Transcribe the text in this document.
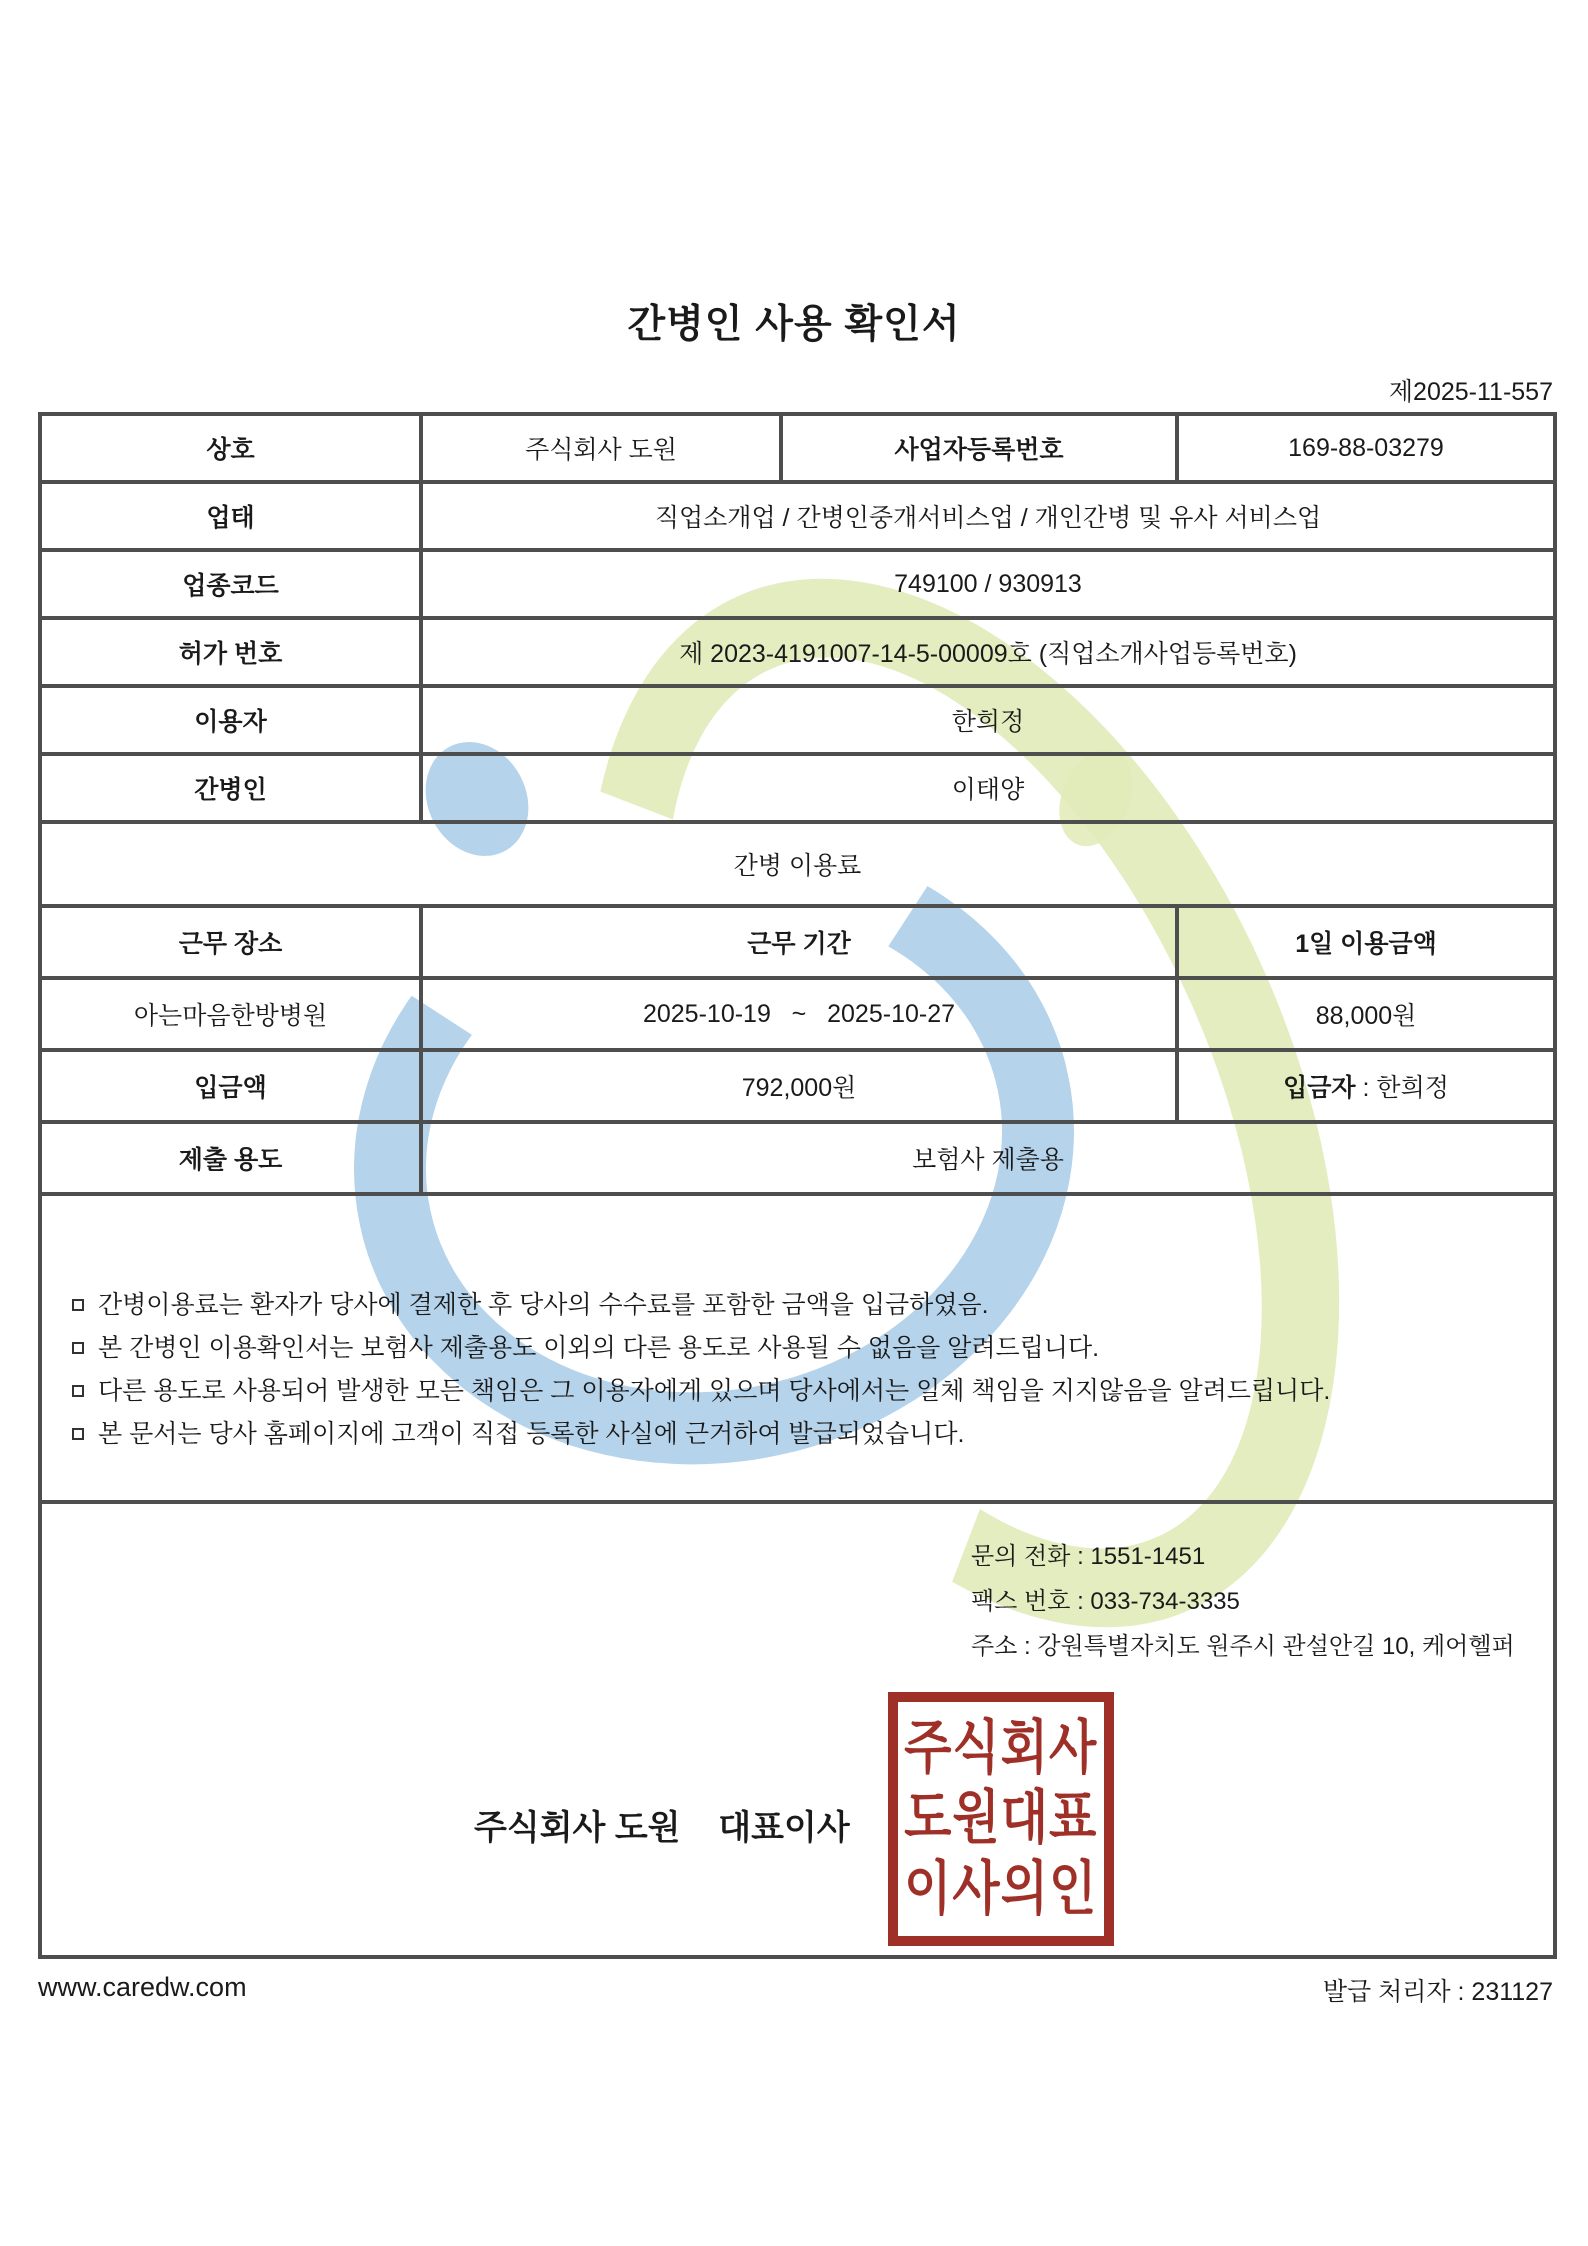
간병인 사용 확인서
제2025-11-557
상호	주식회사 도원	사업자등록번호	169-88-03279
업태	직업소개업 / 간병인중개서비스업 / 개인간병 및 유사 서비스업		
업종코드	749100 / 930913		
허가 번호	제 2023-4191007-14-5-00009호 (직업소개사업등록번호)		
이용자	한희정		
간병인	이태양		
간병 이용료			
근무 장소	근무 기간		1일 이용금액
아는마음한방병원	2025-10-19   ~   2025-10-27		88,000원
입금액	792,000원		입금자 : 한희정
제출 용도	보험사 제출용		

간병이용료는 환자가 당사에 결제한 후 당사의 수수료를 포함한 금액을 입금하였음.
본 간병인 이용확인서는 보험사 제출용도 이외의 다른 용도로 사용될 수 없음을 알려드립니다.
다른 용도로 사용되어 발생한 모든 책임은 그 이용자에게 있으며 당사에서는 일체 책임을 지지않음을 알려드립니다.
본 문서는 당사 홈페이지에 고객이 직접 등록한 사실에 근거하여 발급되었습니다.			

문의 전화 : 1551-1451
팩스 번호 : 033-734-3335
주소 : 강원특별자치도 원주시 관설안길 10, 케어헬퍼
주식회사 도원    대표이사
주식회사
도원대표
이사의인
www.caredw.com	발급 처리자 : 231127
